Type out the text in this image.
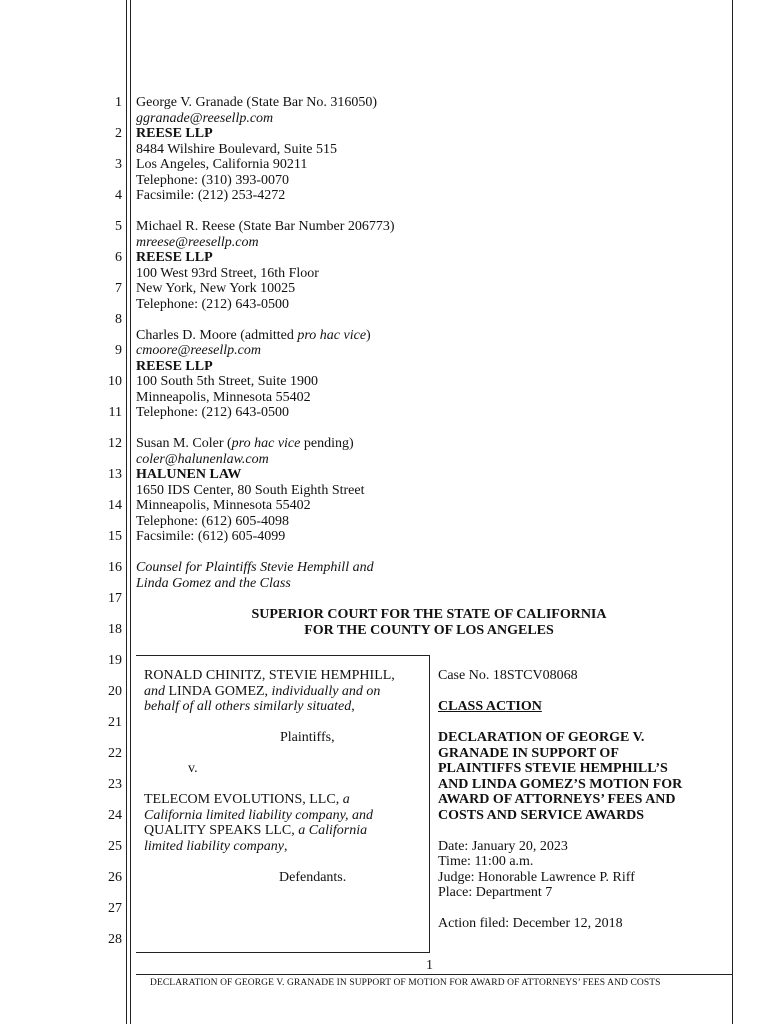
1
2
3
4
5
6
7
8
9
10
11
12
13
14
15
16
17
18
19
20
21
22
23
24
25
26
27
28
George V. Granade (State Bar No. 316050)
ggranade@reesellp.com
REESE LLP
8484 Wilshire Boulevard, Suite 515
Los Angeles, California 90211
Telephone: (310) 393-0070
Facsimile: (212) 253-4272
Michael R. Reese (State Bar Number 206773)
mreese@reesellp.com
REESE LLP
100 West 93rd Street, 16th Floor
New York, New York 10025
Telephone: (212) 643-0500
Charles D. Moore (admitted pro hac vice)
cmoore@reesellp.com
REESE LLP
100 South 5th Street, Suite 1900
Minneapolis, Minnesota 55402
Telephone: (212) 643-0500
Susan M. Coler (pro hac vice pending)
coler@halunenlaw.com
HALUNEN LAW
1650 IDS Center, 80 South Eighth Street
Minneapolis, Minnesota 55402
Telephone: (612) 605-4098
Facsimile: (612) 605-4099
Counsel for Plaintiffs Stevie Hemphill and
Linda Gomez and the Class
SUPERIOR COURT FOR THE STATE OF CALIFORNIA
FOR THE COUNTY OF LOS ANGELES
RONALD CHINITZ, STEVIE HEMPHILL,
and LINDA GOMEZ, individually and on
behalf of all others similarly situated,
Plaintiffs,
v.
TELECOM EVOLUTIONS, LLC, a
California limited liability company, and
QUALITY SPEAKS LLC, a California
limited liability company,
Defendants.
Case No. 18STCV08068
CLASS ACTION
DECLARATION OF GEORGE V.
GRANADE IN SUPPORT OF
PLAINTIFFS STEVIE HEMPHILL’S
AND LINDA GOMEZ’S MOTION FOR
AWARD OF ATTORNEYS’ FEES AND
COSTS AND SERVICE AWARDS
Date: January 20, 2023
Time: 11:00 a.m.
Judge: Honorable Lawrence P. Riff
Place: Department 7
Action filed: December 12, 2018
1
DECLARATION OF GEORGE V. GRANADE IN SUPPORT OF MOTION FOR AWARD OF ATTORNEYS’ FEES AND COSTS
